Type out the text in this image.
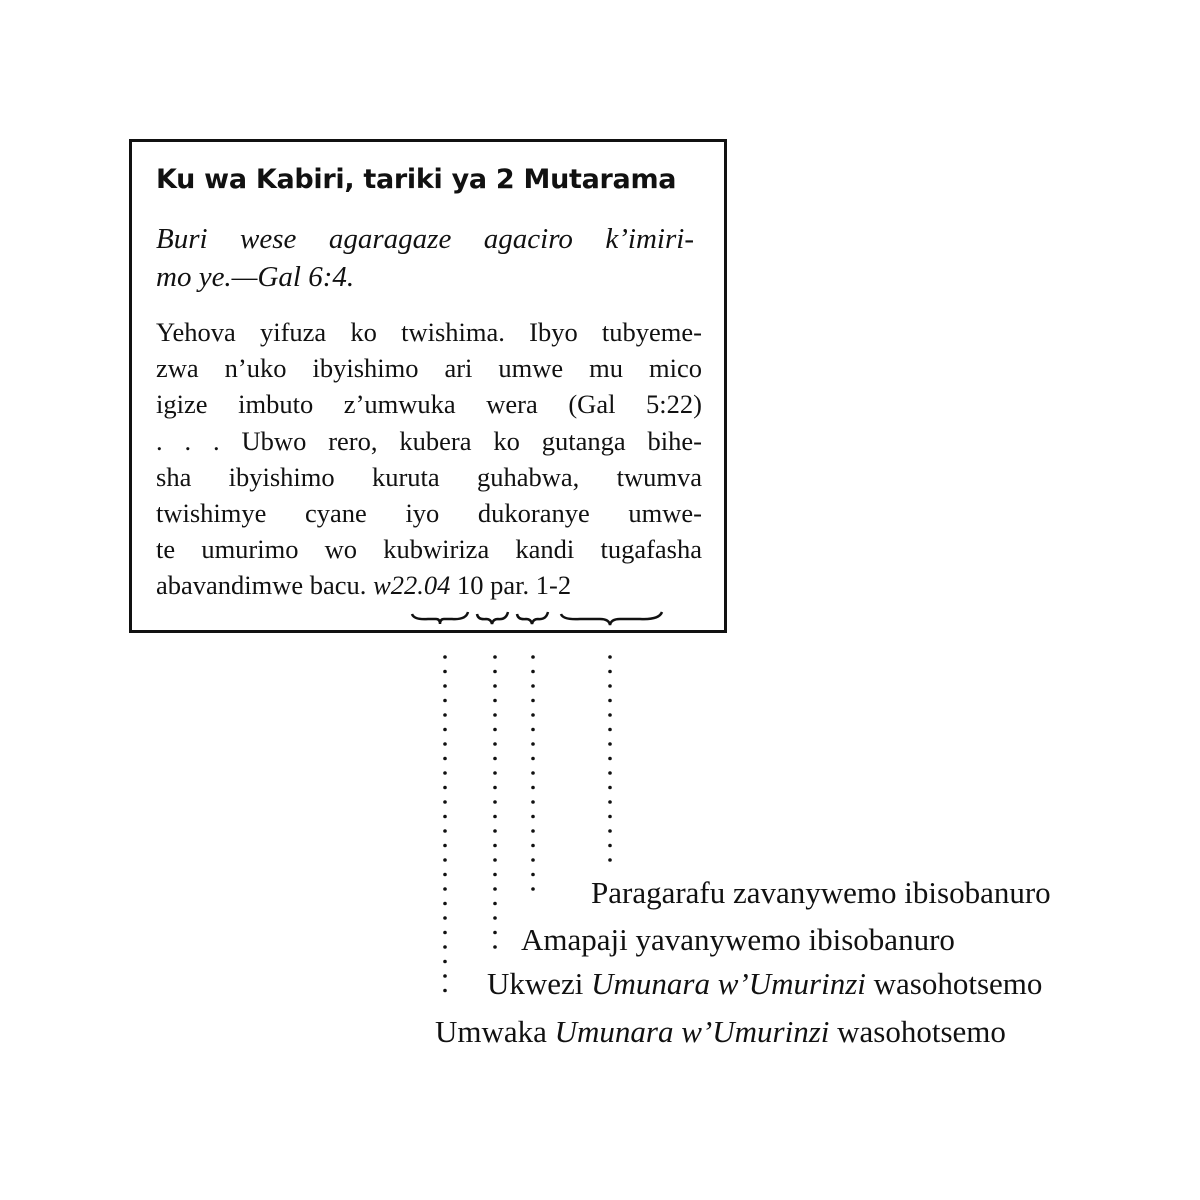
Ku wa Kabiri, tariki ya 2 Mutarama
Buri wese agaragaze agaciro k’imiri-
mo ye.—Gal 6:4.
Yehova yifuza ko twishima. Ibyo tubyeme-
zwa n’uko ibyishimo ari umwe mu mico
igize imbuto z’umwuka wera (Gal 5:22)
. . . Ubwo rero, kubera ko gutanga bihe-
sha ibyishimo kuruta guhabwa, twumva
twishimye cyane iyo dukoranye umwe-
te umurimo wo kubwiriza kandi tugafasha
abavandimwe bacu. w22.04 10 par. 1-2
Paragarafu zavanywemo ibisobanuro
Amapaji yavanywemo ibisobanuro
Ukwezi Umunara w’Umurinzi wasohotsemo
Umwaka Umunara w’Umurinzi wasohotsemo
